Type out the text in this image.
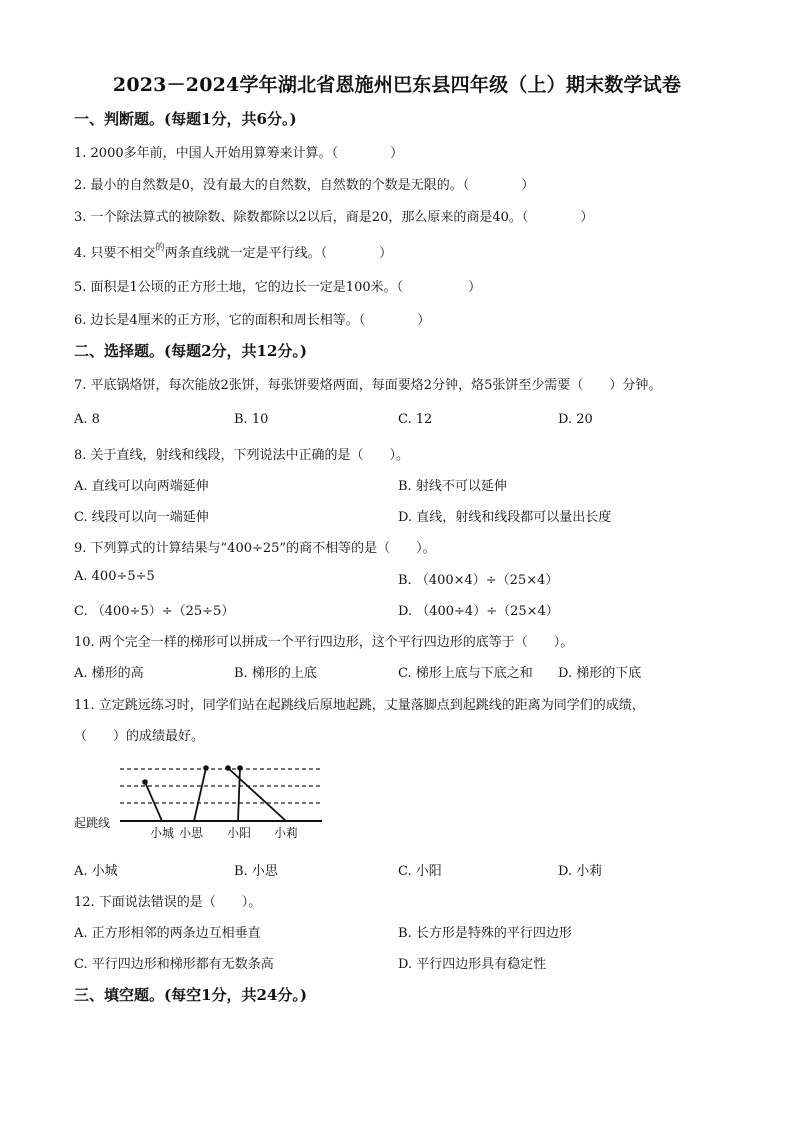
2023－2024学年湖北省恩施州巴东县四年级（上）期末数学试卷
一、判断题。(每题1分，共6分。)
1. 2000多年前，中国人开始用算筹来计算。（　　　　）
2. 最小的自然数是0，没有最大的自然数，自然数的个数是无限的。（　　　　）
3. 一个除法算式的被除数、除数都除以2以后，商是20，那么原来的商是40。（　　　　）
4. 只要不相交$^的$两条直线就一定是平行线。（　　　　）
5. 面积是1公顷的正方形土地，它的边长一定是100米。（　　　　　）
6. 边长是4厘米的正方形，它的面积和周长相等。（　　　　）
二、选择题。(每题2分，共12分。)
7. 平底锅烙饼，每次能放2张饼，每张饼要烙两面，每面要烙2分钟，烙5张饼至少需要（　　）分钟。
A. 8	B. 10	C. 12	D. 20
8. 关于直线，射线和线段，下列说法中正确的是（　　）。
A. 直线可以向两端延伸	B. 射线不可以延伸
C. 线段可以向一端延伸	D. 直线，射线和线段都可以量出长度
9. 下列算式的计算结果与“400÷25”的商不相等的是（　　）。
A. 400÷5÷5	B. （400×4）÷（25×4）
C. （400÷5）÷（25÷5）	D. （400÷4）÷（25×4）
10. 两个完全一样的梯形可以拼成一个平行四边形，这个平行四边形的底等于（　　）。
A. 梯形的高	B. 梯形的上底	C. 梯形上底与下底之和 D. 梯形的下底
11. 立定跳远练习时，同学们站在起跳线后原地起跳，丈量落脚点到起跳线的距离为同学们的成绩，
（　　）的成绩最好。
起跳线
小城 小思 小阳 小莉
A. 小城	B. 小思	C. 小阳	D. 小莉
12. 下面说法错误的是（　　）。
A. 正方形相邻的两条边互相垂直	B. 长方形是特殊的平行四边形
C. 平行四边形和梯形都有无数条高	D. 平行四边形具有稳定性
三、填空题。(每空1分，共24分。)
